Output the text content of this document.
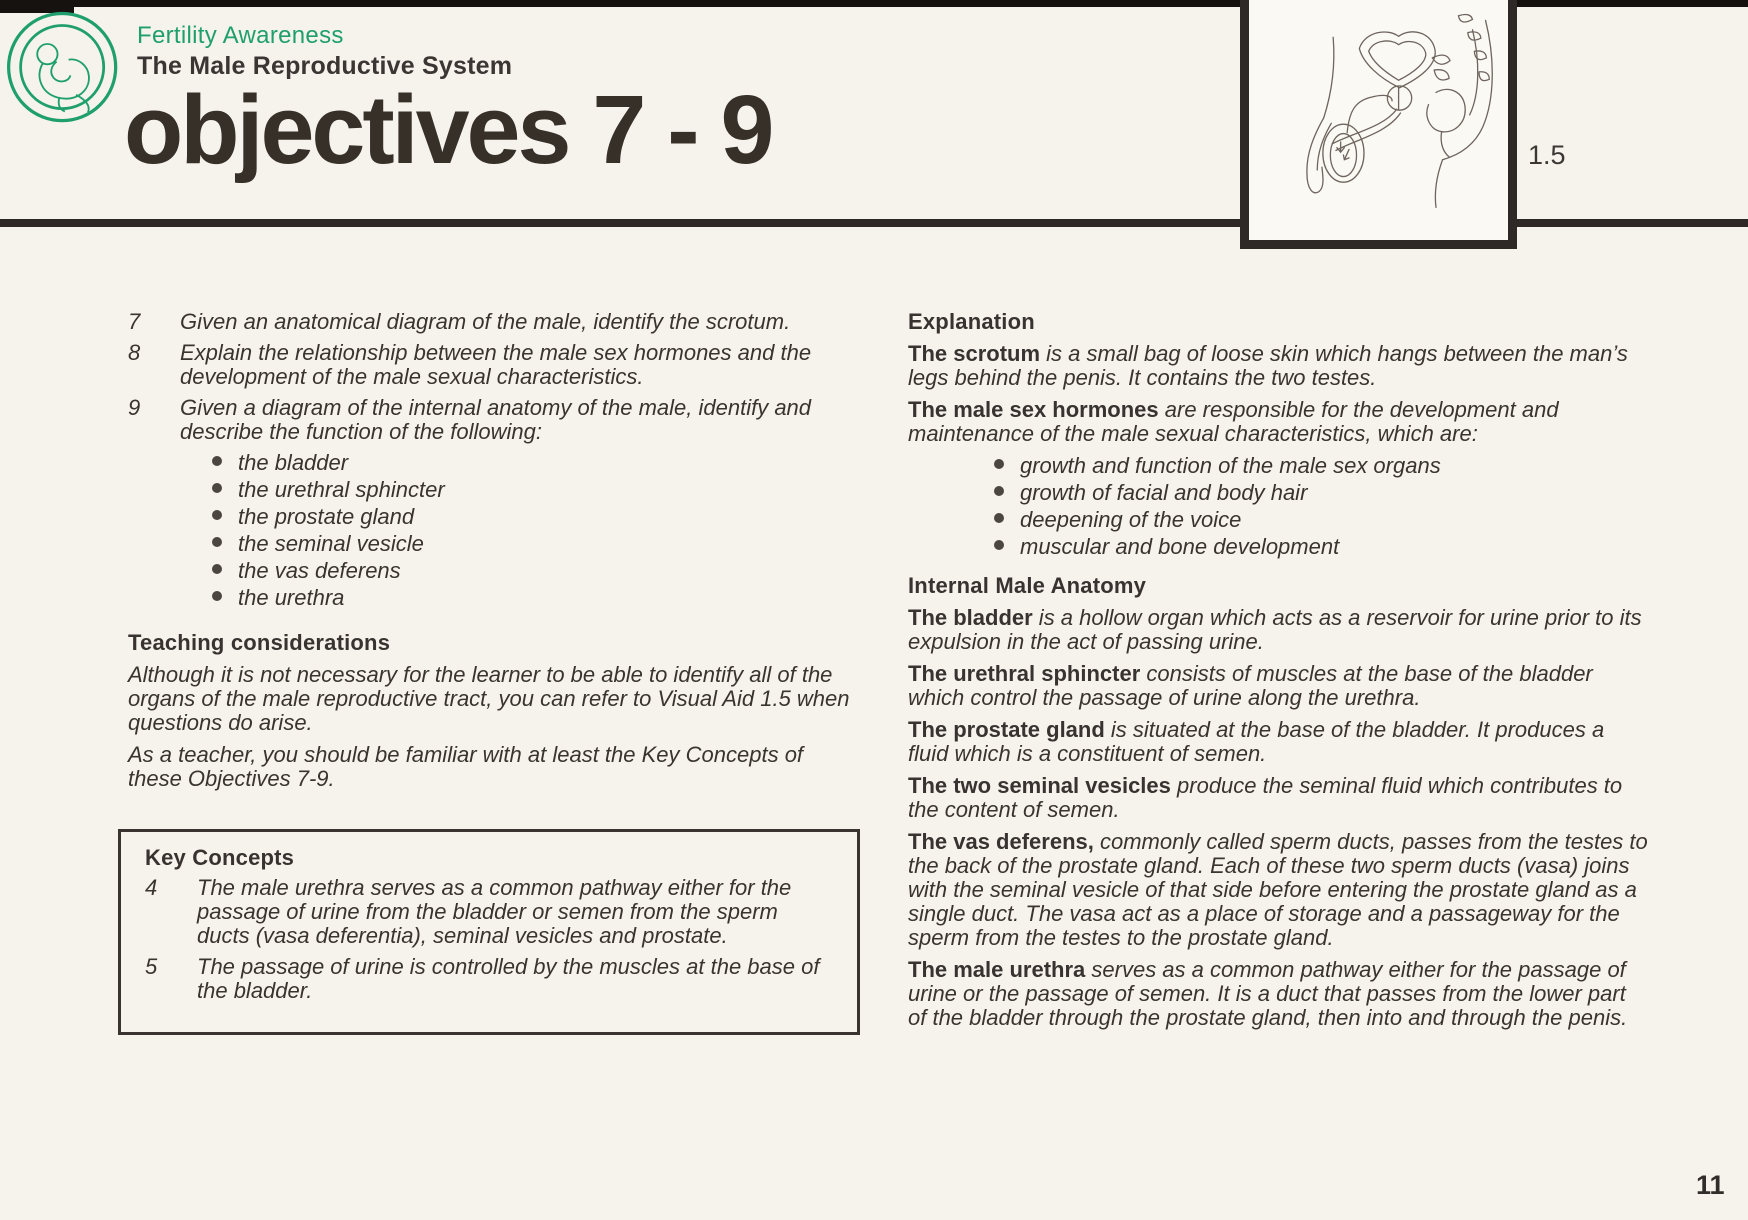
Fertility Awareness
The Male Reproductive System
objectives 7 - 9	1.5
7	Given an anatomical diagram of the male, identify the scrotum.
8	Explain the relationship between the male sex hormones and the development of the male sexual characteristics.
9	Given a diagram of the internal anatomy of the male, identify and describe the function of the following:
the bladder
the urethral sphincter
the prostate gland
the seminal vesicle
the vas deferens
the urethra
Teaching considerations

Although it is not necessary for the learner to be able to identify all of the organs of the male reproductive tract, you can refer to Visual Aid 1.5 when questions do arise.

As a teacher, you should be familiar with at least the Key Concepts of these Objectives 7-9.

Key Concepts
4	The male urethra serves as a common pathway either for the passage of urine from the bladder or semen from the sperm ducts (vasa deferentia), seminal vesicles and prostate.
5	The passage of urine is controlled by the muscles at the base of the bladder.
Explanation

The scrotum is a small bag of loose skin which hangs between the man’s legs behind the penis. It contains the two testes.

The male sex hormones are responsible for the development and maintenance of the male sexual characteristics, which are:

growth and function of the male sex organs
growth of facial and body hair
deepening of the voice
muscular and bone development
Internal Male Anatomy

The bladder is a hollow organ which acts as a reservoir for urine prior to its expulsion in the act of passing urine.

The urethral sphincter consists of muscles at the base of the bladder which control the passage of urine along the urethra.

The prostate gland is situated at the base of the bladder. It produces a fluid which is a constituent of semen.

The two seminal vesicles produce the seminal fluid which contributes to the content of semen.

The vas deferens, commonly called sperm ducts, passes from the testes to the back of the prostate gland. Each of these two sperm ducts (vasa) joins with the seminal vesicle of that side before entering the prostate gland as a single duct. The vasa act as a place of storage and a passageway for the sperm from the testes to the prostate gland.

The male urethra serves as a common pathway either for the passage of urine or the passage of semen. It is a duct that passes from the lower part of the bladder through the prostate gland, then into and through the penis.

11
